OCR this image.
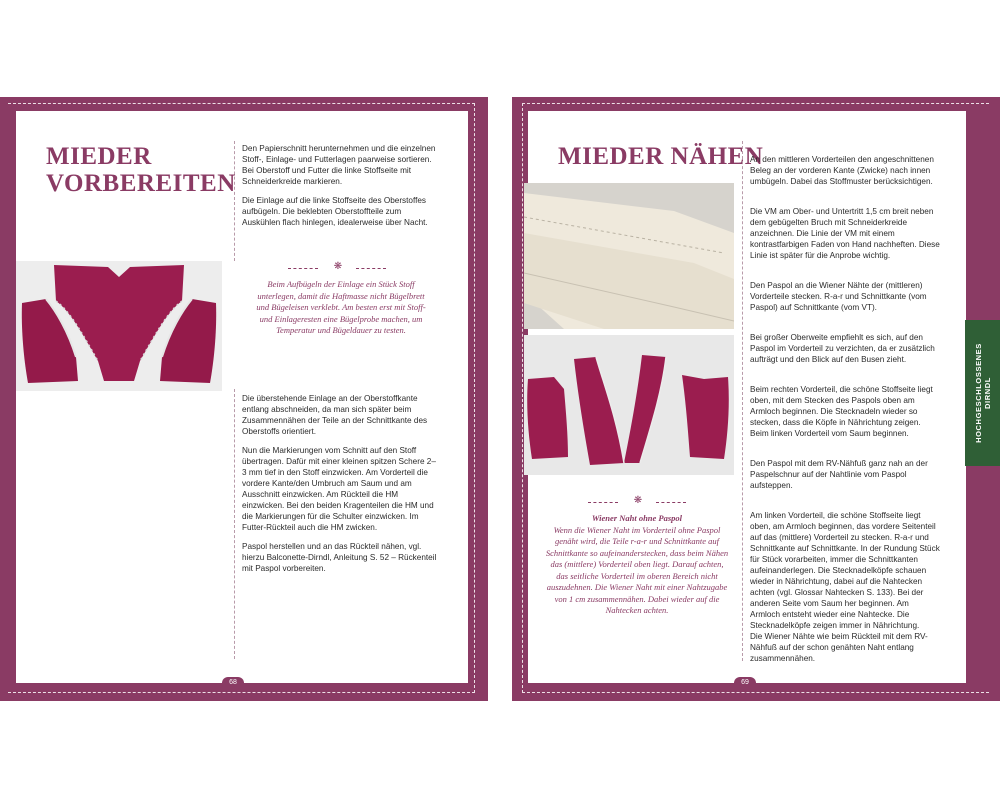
MIEDER
VORBEREITEN

Den Papierschnitt herunternehmen und die einzelnen Stoff-, Einlage- und Futterlagen paarweise sortieren. Bei Oberstoff und Futter die linke Stoffseite mit Schneiderkreide markieren.

Die Einlage auf die linke Stoffseite des Oberstoffes aufbügeln. Die beklebten Oberstoffteile zum Auskühlen flach hinlegen, idealerweise über Nacht.

❋
Beim Aufbügeln der Einlage ein Stück Stoff unterlegen, damit die Haftmasse nicht Bügelbrett und Bügeleisen verklebt. Am besten erst mit Stoff- und Einlageresten eine Bügelprobe machen, um Temperatur und Bügeldauer zu testen.

Die überstehende Einlage an der Oberstoffkante entlang abschneiden, da man sich später beim Zusammennähen der Teile an der Schnittkante des Oberstoffs orientiert.

Nun die Markierungen vom Schnitt auf den Stoff übertragen. Dafür mit einer kleinen spitzen Schere 2–3 mm tief in den Stoff einzwicken. Am Vorderteil die vordere Kante/den Umbruch am Saum und am Ausschnitt einzwicken. Am Rückteil die HM einzwicken. Bei den beiden Kragenteilen die HM und die Markierungen für die Schulter einzwicken. Im Futter-Rückteil auch die HM zwicken.

Paspol herstellen und an das Rückteil nähen, vgl. hierzu Balconette-Dirndl, Anleitung S. 52 – Rückenteil mit Paspol vorbereiten.

68
MIEDER NÄHEN
❋
Wiener Naht ohne Paspol
Wenn die Wiener Naht im Vorderteil ohne Paspol genäht wird, die Teile r-a-r und Schnittkante auf Schnittkante so aufeinanderstecken, dass beim Nähen das (mittlere) Vorderteil oben liegt. Darauf achten, das seitliche Vorderteil im oberen Bereich nicht auszudehnen. Die Wiener Naht mit einer Nahtzugabe von 1 cm zusammennähen. Dabei wieder auf die Nahtecken achten.

An den mittleren Vorderteilen den angeschnittenen Beleg an der vorderen Kante (Zwicke) nach innen umbügeln. Dabei das Stoffmuster berücksichtigen.

Die VM am Ober- und Untertritt 1,5 cm breit neben dem gebügelten Bruch mit Schneiderkreide anzeichnen. Die Linie der VM mit einem kontrastfarbigen Faden von Hand nachheften. Diese Linie ist später für die Anprobe wichtig.

Den Paspol an die Wiener Nähte der (mittleren) Vorderteile stecken. R-a-r und Schnittkante (vom Paspol) auf Schnittkante (vom VT).

Bei großer Oberweite empfiehlt es sich, auf den Paspol im Vorderteil zu verzichten, da er zusätzlich aufträgt und den Blick auf den Busen zieht.

Beim rechten Vorderteil, die schöne Stoffseite liegt oben, mit dem Stecken des Paspols oben am Armloch beginnen. Die Stecknadeln wieder so stecken, dass die Köpfe in Nährichtung zeigen. Beim linken Vorderteil vom Saum beginnen.

Den Paspol mit dem RV-Nähfuß ganz nah an der Paspelschnur auf der Nahtlinie vom Paspol aufsteppen.

Am linken Vorderteil, die schöne Stoffseite liegt oben, am Armloch beginnen, das vordere Seitenteil auf das (mittlere) Vorderteil zu stecken. R-a-r und Schnittkante auf Schnittkante. In der Rundung Stück für Stück vorarbeiten, immer die Schnittkanten aufeinanderlegen. Die Stecknadelköpfe schauen wieder in Nährichtung, dabei auf die Nahtecken achten (vgl. Glossar Nahtecken S. 133). Bei der anderen Seite vom Saum her beginnen. Am Armloch entsteht wieder eine Nahtecke. Die Stecknadelköpfe zeigen immer in Nährichtung.
Die Wiener Nähte wie beim Rückteil mit dem RV-Nähfuß auf der schon genähten Naht entlang zusammennähen.

69
HOCHGESCHLOSSENES DIRNDL
